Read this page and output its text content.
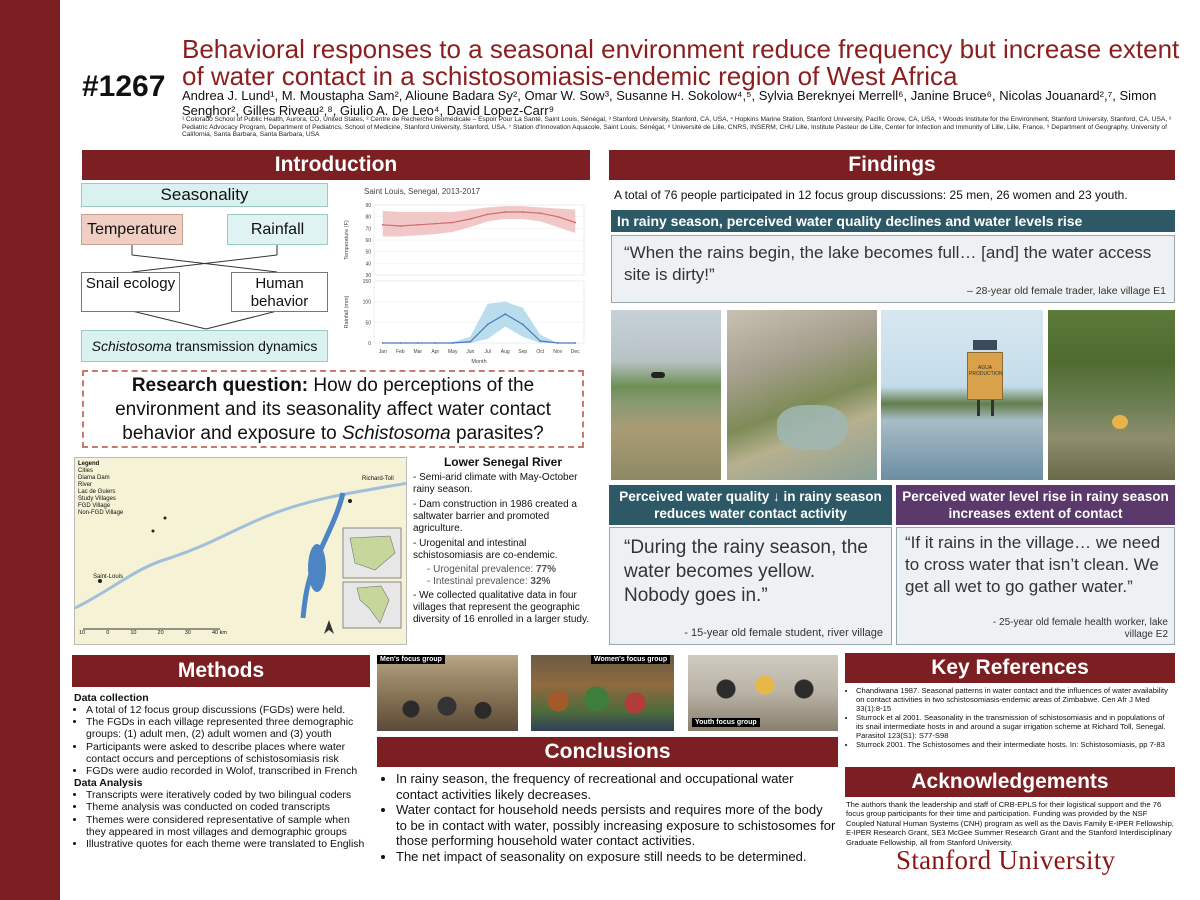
#1267
Behavioral responses to a seasonal environment reduce frequency but increase extent of water contact in a schistosomiasis-endemic region of West Africa
Andrea J. Lund¹, M. Moustapha Sam², Alioune Badara Sy², Omar W. Sow³, Susanne H. Sokolow⁴,⁵, Sylvia Bereknyei Merrell⁶, Janine Bruce⁶, Nicolas Jouanard²,⁷, Simon Senghor², Gilles Riveau²,⁸, Giulio A. De Leo⁴, David Lopez-Carr⁹
¹ Colorado School of Public Health, Aurora, CO, United States, ² Centre de Recherche Biomédicale – Espoir Pour La Santé, Saint Louis, Sénégal, ³ Stanford University, Stanford, CA, USA, ⁴ Hopkins Marine Station, Stanford University, Pacific Grove, CA, USA, ⁵ Woods Institute for the Environment, Stanford University, Stanford, CA, USA, ⁶ Pediatric Advocacy Program, Department of Pediatrics, School of Medicine, Stanford University, Stanford, USA, ⁷ Station d'Innovation Aquacole, Saint Louis, Sénégal, ⁸ Université de Lille, CNRS, INSERM, CHU Lille, Institute Pasteur de Lille, Center for Infection and Immunity of Lille, Lille, France, ⁹ Department of Geography, University of California, Santa Barbara, Santa Barbara, USA
Introduction
Seasonality
Temperature	Rainfall
Snail ecology	Human behavior
Schistosoma transmission dynamics
Saint Louis, Senegal, 2013-2017
30
40
50
60
70
80
90
Temperature (F)
0
50
100
150
Rainfall (mm)
Jan Feb Mar Apr May Jun Jul Aug Sep Oct Nov Dec
Month
Research question: How do perceptions of the environment and its seasonality affect water contact behavior and exposure to Schistosoma parasites?
Legend
Cities
Diama Dam
River
Lac de Guiers
Study Villages
FGD Village
Non-FGD Village
Richard-Toll
Saint-Louis
10	0	10	20	30	40 km
Lower Senegal River
- Semi-arid climate with May-October rainy season.
- Dam construction in 1986 created a saltwater barrier and promoted agriculture.
- Urogenital and intestinal schistosomiasis are co-endemic.
- Urogenital prevalence: 77%
- Intestinal prevalence: 32%
- We collected qualitative data in four villages that represent the geographic diversity of 16 enrolled in a larger study.
Methods
Data collection
• A total of 12 focus group discussions (FGDs) were held.
• The FGDs in each village represented three demographic groups: (1) adult men, (2) adult women and (3) youth
• Participants were asked to describe places where water contact occurs and perceptions of schistosomiasis risk
• FGDs were audio recorded in Wolof, transcribed in French
Data Analysis
• Transcripts were iteratively coded by two bilingual coders
• Theme analysis was conducted on coded transcripts
• Themes were considered representative of sample when they appeared in most villages and demographic groups
• Illustrative quotes for each theme were translated to English
Men's focus group	Women's focus group
Youth focus group
Conclusions
• In rainy season, the frequency of recreational and occupational water contact activities likely decreases.
• Water contact for household needs persists and requires more of the body to be in contact with water, possibly increasing exposure to schistosomes for those performing household water contact activities.
• The net impact of seasonality on exposure still needs to be determined.
Findings
A total of 76 people participated in 12 focus group discussions: 25 men, 26 women and 23 youth.
In rainy season, perceived water quality declines and water levels rise
“When the rains begin, the lake becomes full… [and] the water access site is dirty!”
– 28-year old female trader, lake village E1
AGUA PRODUCTION
Perceived water quality ↓ in rainy season reduces water contact activity
“During the rainy season, the water becomes yellow. Nobody goes in.”
- 15-year old female student, river village
Perceived water level rise in rainy season increases extent of contact
“If it rains in the village… we need to cross water that isn’t clean. We get all wet to go gather water.”
- 25-year old female health worker, lake village E2
Key References
• Chandiwana 1987. Seasonal patterns in water contact and the influences of water availability on contact activities in two schistosomiasis-endemic areas of Zimbabwe. Cen Afr J Med 33(1):8-15
• Sturrock et al 2001. Seasonality in the transmission of schistosomiasis and in populations of its snail intermediate hosts in and around a sugar irrigation scheme at Richard Toll, Senegal. Parasitol 123(S1): S77-S98
• Sturrock 2001. The Schistosomes and their intermediate hosts. In: Schistosomiasis, pp 7-83
Acknowledgements
The authors thank the leadership and staff of CRB-EPLS for their logistical support and the 76 focus group participants for their time and participation. Funding was provided by the NSF Coupled Natural Human Systems (CNH) program as well as the Davis Family E-IPER Fellowship, E-IPER Research Grant, SE3 McGee Summer Research Grant and the Stanford Interdisciplinary Graduate Fellowship, all from Stanford University.
Stanford University
